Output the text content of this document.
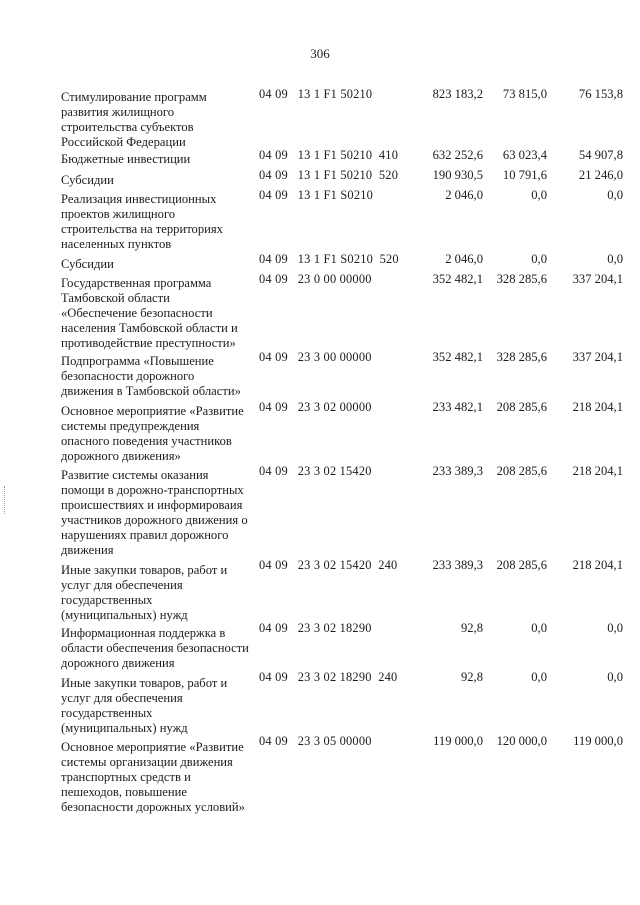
306
Стимулирование программ
развития жилищного
строительства субъектов
Российской Федерации
04 09   13 1 F1 50210	823 183,2	73 815,0	76 153,8
Бюджетные инвестиции	04 09   13 1 F1 50210  410	632 252,6	63 023,4	54 907,8
Субсидии	04 09   13 1 F1 50210  520	190 930,5	10 791,6	21 246,0
Реализация инвестиционных
проектов жилищного
строительства на территориях
населенных пунктов
04 09   13 1 F1 S0210	2 046,0	0,0	0,0
Субсидии	04 09   13 1 F1 S0210  520	2 046,0	0,0	0,0
Государственная программа
Тамбовской области
«Обеспечение безопасности
населения Тамбовской области и
противодействие преступности»
04 09   23 0 00 00000	352 482,1	328 285,6	337 204,1
Подпрограмма «Повышение
безопасности дорожного
движения в Тамбовской области»
04 09   23 3 00 00000	352 482,1	328 285,6	337 204,1
Основное мероприятие «Развитие
системы предупреждения
опасного поведения участников
дорожного движения»
04 09   23 3 02 00000	233 482,1	208 285,6	218 204,1
Развитие системы оказания
помощи в дорожно-транспортных
происшествиях и информироваия
участников дорожного движения о
нарушениях правил дорожного
движения
04 09   23 3 02 15420	233 389,3	208 285,6	218 204,1
Иные закупки товаров, работ и
услуг для обеспечения
государственных
(муниципальных) нужд
04 09   23 3 02 15420  240	233 389,3	208 285,6	218 204,1
Информационная поддержка в
области обеспечения безопасности
дорожного движения
04 09   23 3 02 18290	92,8	0,0	0,0
Иные закупки товаров, работ и
услуг для обеспечения
государственных
(муниципальных) нужд
04 09   23 3 02 18290  240	92,8	0,0	0,0
Основное мероприятие «Развитие
системы организации движения
транспортных средств и
пешеходов, повышение
безопасности дорожных условий»
04 09   23 3 05 00000	119 000,0	120 000,0	119 000,0
